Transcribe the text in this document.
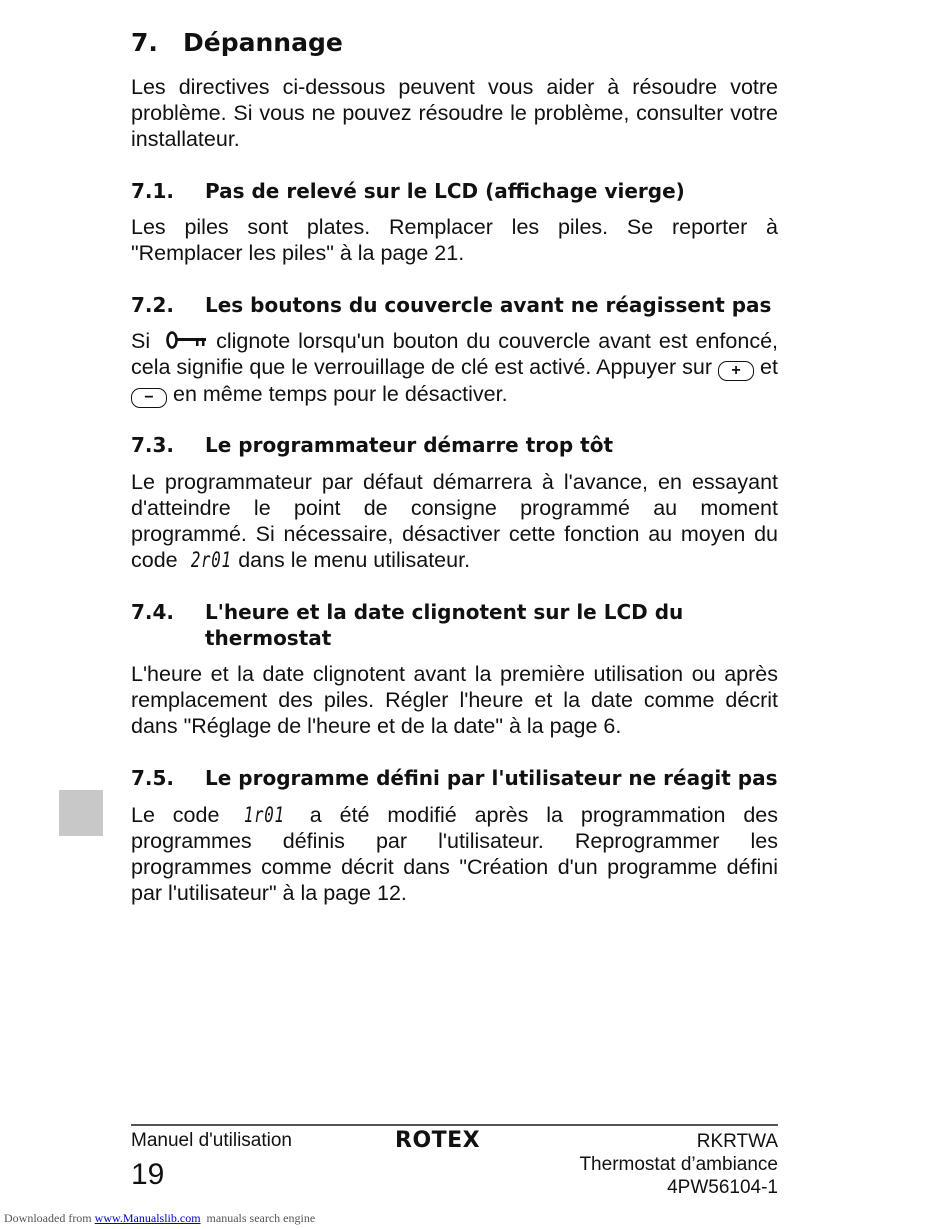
7. Dépannage

Les directives ci-dessous peuvent vous aider à résoudre votre problème. Si vous ne pouvez résoudre le problème, consulter votre installateur.

7.1.	Pas de relevé sur le LCD (affichage vierge)

Les piles sont plates. Remplacer les piles. Se reporter à "Remplacer les piles" à la page 21.

7.2.	Les boutons du couvercle avant ne réagissent pas

Si	clignote lorsqu'un bouton du couvercle avant est enfoncé, cela signifie que le verrouillage de clé est activé. Appuyer sur + et − en même temps pour le désactiver.

7.3.	Le programmateur démarre trop tôt

Le programmateur par défaut démarrera à l'avance, en essayant d'atteindre le point de consigne programmé au moment programmé. Si nécessaire, désactiver cette fonction au moyen du code 2r01 dans le menu utilisateur.

7.4.	L'heure et la date clignotent sur le LCD du thermostat

L'heure et la date clignotent avant la première utilisation ou après remplacement des piles. Régler l'heure et la date comme décrit dans "Réglage de l'heure et de la date" à la page 6.

7.5.	Le programme défini par l'utilisateur ne réagit pas

Le code 1r01 a été modifié après la programmation des programmes définis par l'utilisateur. Reprogrammer les programmes comme décrit dans "Création d'un programme défini par l'utilisateur" à la page 12.

Manuel d'utilisation
19
ROTEX	RKRTWA
Thermostat d’ambiance
4PW56104-1
Downloaded from www.Manualslib.com manuals search engine
